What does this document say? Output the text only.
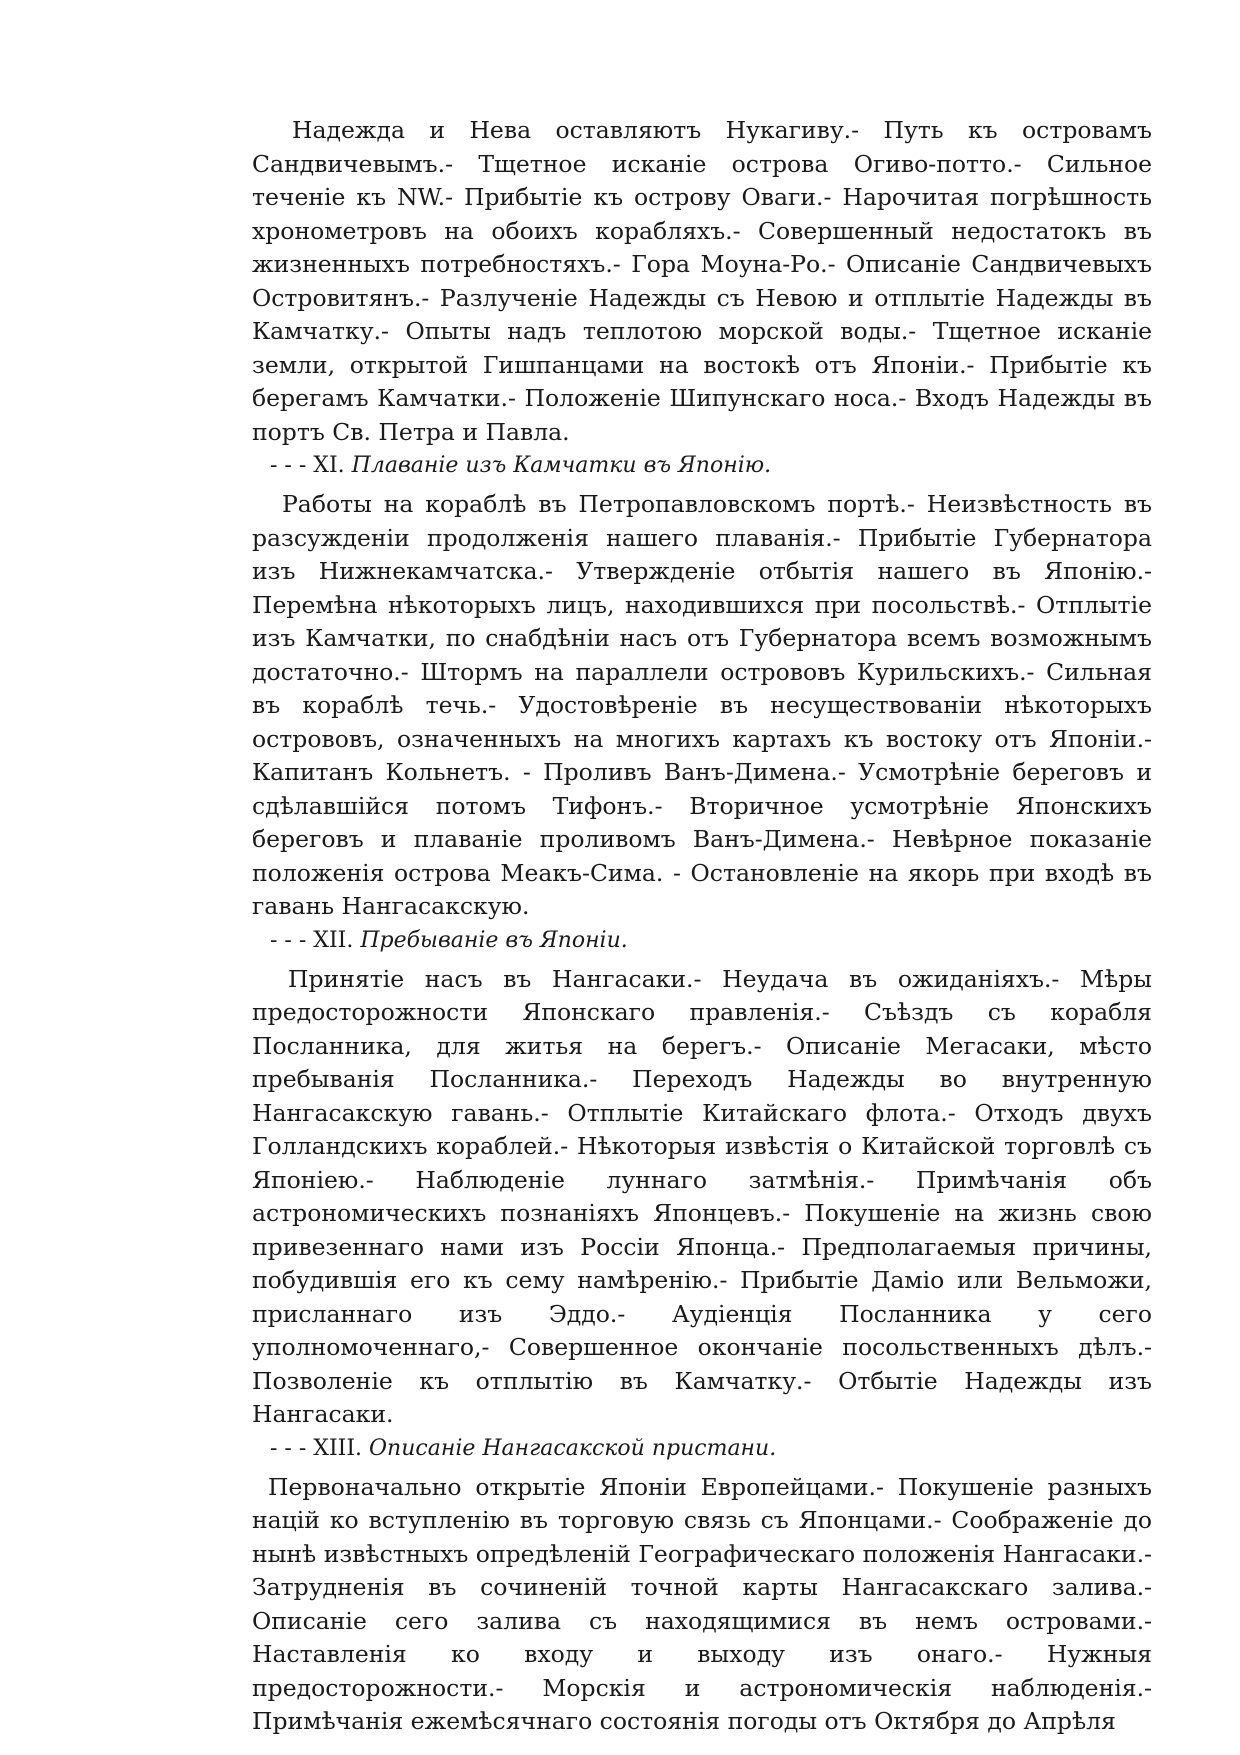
Надежда и Нева оставляютъ Нукагиву.- Путь къ островамъ Сандвичевымъ.- Тщетное исканіе острова Огиво-потто.- Сильное теченіе къ NW.- Прибытіе къ острову Оваги.- Нарочитая погрѣшность хронометровъ на обоихъ корабляхъ.- Совершенный недостатокъ въ жизненныхъ потребностяхъ.- Гора Моуна-Ро.- Описаніе Сандвичевыхъ Островитянъ.- Разлученіе Надежды съ Невою и отплытіе Надежды въ Камчатку.- Опыты надъ теплотою морской воды.- Тщетное исканіе земли, открытой Гишпанцами на востокѣ отъ Японіи.- Прибытіе къ берегамъ Камчатки.- Положеніе Шипунскаго носа.- Входъ Надежды въ портъ Св. Петра и Павла.

- - - XI. Плаваніе изъ Камчатки въ Японію.

Работы на кораблѣ въ Петропавловскомъ портѣ.- Неизвѣстность въ разсужденіи продолженія нашего плаванія.- Прибытіе Губернатора изъ Нижнекамчатска.- Утвержденіе отбытія нашего въ Японію.- Перемѣна нѣкоторыхъ лицъ, находившихся при посольствѣ.- Отплытіе изъ Камчатки, по снабдѣніи насъ отъ Губернатора всемъ возможнымъ достаточно.- Штормъ на параллели острововъ Курильскихъ.- Сильная въ кораблѣ течь.- Удостовѣреніе въ несуществованіи нѣкоторыхъ острововъ, означенныхъ на многихъ картахъ къ востоку отъ Японіи.- Капитанъ Кольнетъ. - Проливъ Ванъ-Димена.- Усмотрѣніе береговъ и сдѣлавшійся потомъ Тифонъ.- Вторичное усмотрѣніе Японскихъ береговъ и плаваніе проливомъ Ванъ-Димена.- Невѣрное показаніе положенія острова Меакъ-Сима. - Остановленіе на якорь при входѣ въ гавань Нангасакскую.

- - - XII. Пребываніе въ Японіи.

Принятіе насъ въ Нангасаки.- Неудача въ ожиданіяхъ.- Мѣры предосторожности Японскаго правленія.- Съѣздъ съ корабля Посланника, для житья на берегъ.- Описаніе Мегасаки, мѣсто пребыванія Посланника.- Переходъ Надежды во внутренную Нангасакскую гавань.- Отплытіе Китайскаго флота.- Отходъ двухъ Голландскихъ кораблей.- Нѣкоторыя извѣстія о Китайской торговлѣ съ Японіею.- Наблюденіе луннаго затмѣнія.- Примѣчанія объ астрономическихъ познаніяхъ Японцевъ.- Покушеніе на жизнь свою привезеннаго нами изъ Россіи Японца.- Предполагаемыя причины, побудившія его къ сему намѣренію.- Прибытіе Даміо или Вельможи, присланнаго изъ Эддо.- Аудіенція Посланника у сего уполномоченнаго,- Совершенное окончаніе посольственныхъ дѣлъ.- Позволеніе къ отплытію въ Камчатку.- Отбытіе Надежды изъ Нангасаки.

- - - XIII. Описаніе Нангасакской пристани.

Первоначально открытіе Японіи Европейцами.- Покушеніе разныхъ націй ко вступленію въ торговую связь съ Японцами.- Соображеніе до нынѣ извѣстныхъ опредѣленій Географическаго положенія Нангасаки.- Затрудненія въ сочиненій точной карты Нангасакскаго залива.- Описаніе сего залива съ находящимися въ немъ островами.- Наставленія ко входу и выходу изъ онаго.- Нужныя предосторожности.- Морскія и астрономическія наблюденія.- Примѣчанія ежемѣсячнаго состоянія погоды отъ Октября до Апрѣля
